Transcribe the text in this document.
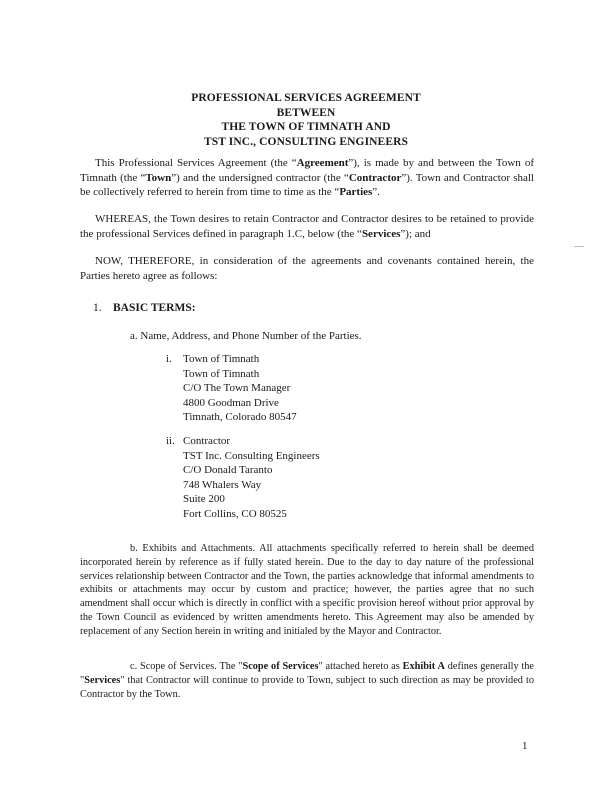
PROFESSIONAL SERVICES AGREEMENT
BETWEEN
THE TOWN OF TIMNATH AND
TST INC., CONSULTING ENGINEERS
This Professional Services Agreement (the “Agreement”), is made by and between the Town of Timnath (the “Town”) and the undersigned contractor (the “Contractor”). Town and Contractor shall be collectively referred to herein from time to time as the “Parties”.
WHEREAS, the Town desires to retain Contractor and Contractor desires to be retained to provide the professional Services defined in paragraph 1.C, below (the “Services”); and
NOW, THEREFORE, in consideration of the agreements and covenants contained herein, the Parties hereto agree as follows:
1. BASIC TERMS:
a. Name, Address, and Phone Number of the Parties.
i. Town of Timnath
Town of Timnath
C/O The Town Manager
4800 Goodman Drive
Timnath, Colorado 80547
ii. Contractor
TST Inc. Consulting Engineers
C/O Donald Taranto
748 Whalers Way
Suite 200
Fort Collins, CO 80525
b. Exhibits and Attachments. All attachments specifically referred to herein shall be deemed incorporated herein by reference as if fully stated herein. Due to the day to day nature of the professional services relationship between Contractor and the Town, the parties acknowledge that informal amendments to exhibits or attachments may occur by custom and practice; however, the parties agree that no such amendment shall occur which is directly in conflict with a specific provision hereof without prior approval by the Town Council as evidenced by written amendments hereto. This Agreement may also be amended by replacement of any Section herein in writing and initialed by the Mayor and Contractor.
c. Scope of Services. The "Scope of Services" attached hereto as Exhibit A defines generally the "Services" that Contractor will continue to provide to Town, subject to such direction as may be provided to Contractor by the Town.
1
